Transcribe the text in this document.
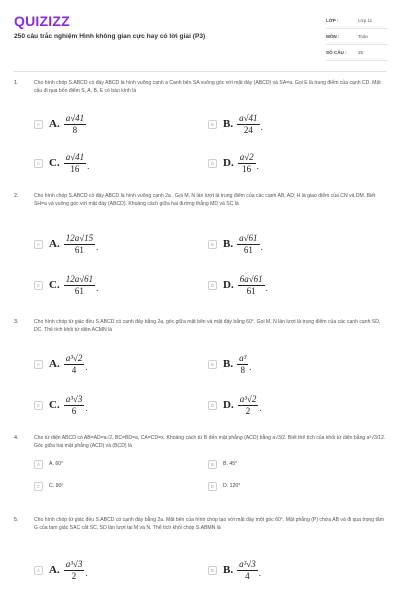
QUIZIZZ
250 câu trắc nghiệm Hình không gian cực hay có lời giải (P3)
LỚP :	Lớp 11
MÔN :	Toán
SỐ CÂU :	25
1.	Cho hình chóp S.ABCD có đáy ABCD là hình vuông cạnh a Cạnh bên SA vuông góc với mặt đáy (ABCD) và SA=a. Gọi E là trung điểm của cạnh CD. Mặt cầu đi qua bốn điểm S, A, B, E có bán kính là
A A. $\frac{a√41}{8}$	B B. $\frac{a√41}{24}$ .
C C. $\frac{a√41}{16}$ .	D D. $\frac{a√2}{16}$ .
2.	Cho hình chóp S.ABCD có đáy ABCD là hình vuông cạnh 2a . Gọi M, N lần lượt là trung điểm của các cạnh AB, AD; H là giao điểm của CN và DM. Biết SH=a và vuông góc với mặt đáy (ABCD). Khoảng cách giữa hai đường thẳng MD và SC là
A A. $\frac{12a√15}{61}$ .	B B. $\frac{a√61}{61}$ .
C C. $\frac{12a√61}{61}$ .	D D. $\frac{6a√61}{61}$ .
3.	Cho hình chóp tứ giác đều S.ABCD có cạnh đáy bằng 2a, góc giữa mặt bên và mặt đáy bằng 60°. Gọi M, N lần lượt là trung điểm của các cạnh cạnh SD, DC. Thể tích khối tứ diện ACMN là
A A. $\frac{\text{a³√2}}{4}$ .	B B. $\frac{\text{a³}}{8}$ .
C C. $\frac{\text{a³√3}}{6}$ .	D D. $\frac{\text{a³√2}}{2}$ .
4.	Cho tứ diện ABCD có AB=AD=a√2, BC=BD=a, CA=CD=x. Khoảng cách từ B đến mặt phẳng (ACD) bằng a√3/2. Biết thể tích của khối tứ diện bằng a³√3/12. Góc giữa hai mặt phẳng (ACD) và (BCD) là
A	A. 60°	B	B. 45°
C	C. 90°	D	D. 120°
5.	Cho hình chóp tứ giác đều S.ABCD có cạnh đáy bằng 2a. Mặt bên của hình chóp tạo với mặt đáy một góc 60°. Mặt phẳng (P) chứa AB và đi qua trọng tâm G của tam giác SAC cắt SC, SD lần lượt tại M và N. Thể tích khối chóp S.ABMN là
A A. $\frac{\text{a³√3}}{2}$ .	B B. $\frac{\text{a³√3}}{4}$ .
